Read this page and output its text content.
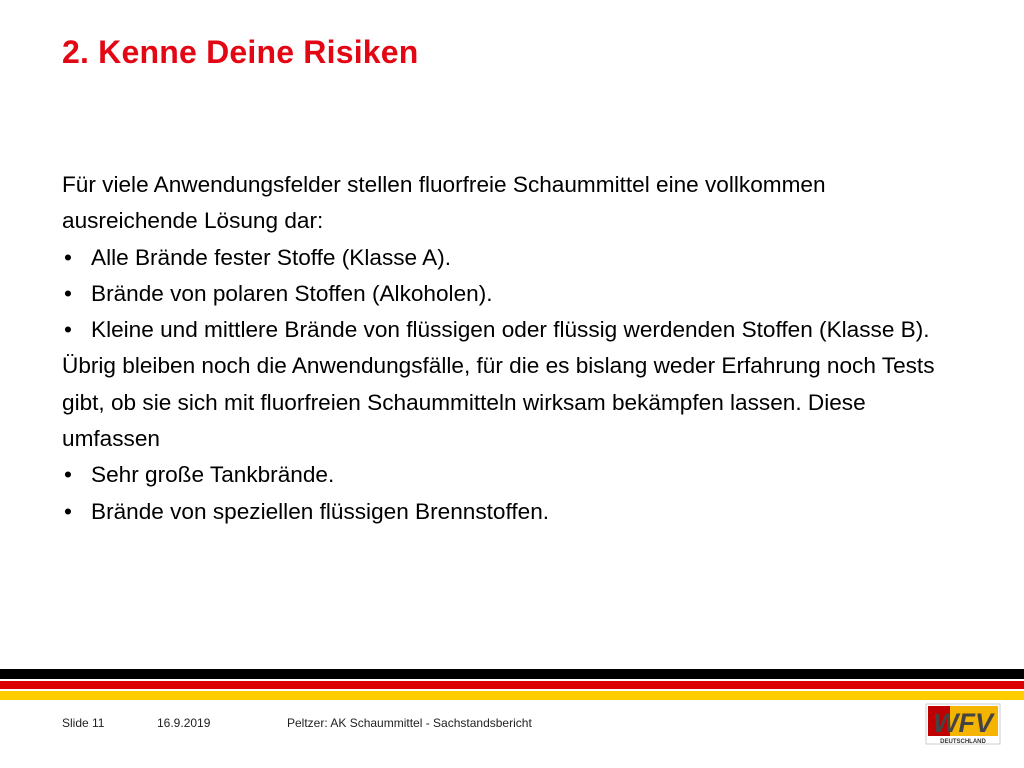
2. Kenne Deine Risiken

Für viele Anwendungsfelder stellen fluorfreie Schaummittel eine vollkommen ausreichende Lösung dar:

• Alle Brände fester Stoffe (Klasse A).
• Brände von polaren Stoffen (Alkoholen).
• Kleine und mittlere Brände von flüssigen oder flüssig werdenden Stoffen (Klasse B).

Übrig bleiben noch die Anwendungsfälle, für die es bislang weder Erfahrung noch Tests gibt, ob sie sich mit fluorfreien Schaummitteln wirksam bekämpfen lassen. Diese umfassen

• Sehr große Tankbrände.
• Brände von speziellen flüssigen Brennstoffen.
Slide 11	16.9.2019	Peltzer: AK Schaummittel - Sachstandsbericht	WFV
DEUTSCHLAND
